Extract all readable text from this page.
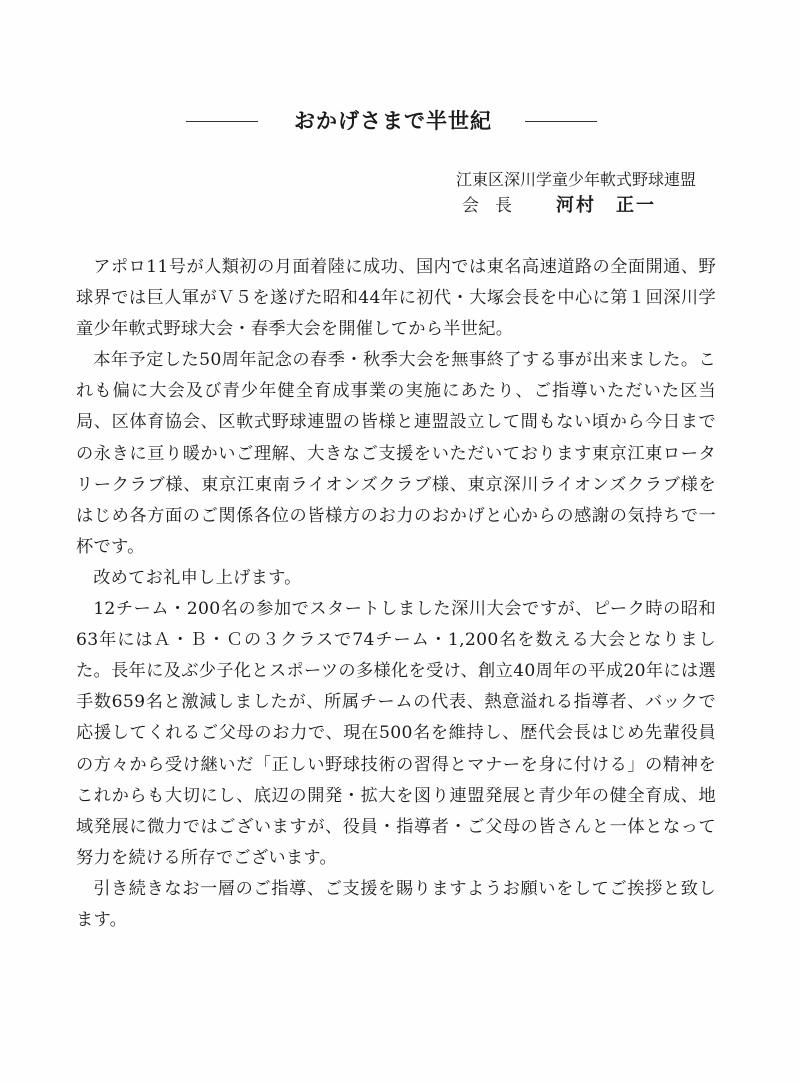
おかげさまで半世紀
江東区深川学童少年軟式野球連盟
会長 河村　正一

アポロ11号が人類初の月面着陸に成功、国内では東名高速道路の全面開通、野球界では巨人軍がＶ５を遂げた昭和44年に初代・大塚会長を中心に第１回深川学童少年軟式野球大会・春季大会を開催してから半世紀。

本年予定した50周年記念の春季・秋季大会を無事終了する事が出来ました。これも偏に大会及び青少年健全育成事業の実施にあたり、ご指導いただいた区当局、区体育協会、区軟式野球連盟の皆様と連盟設立して間もない頃から今日までの永きに亘り暖かいご理解、大きなご支援をいただいております東京江東ロータリークラブ様、東京江東南ライオンズクラブ様、東京深川ライオンズクラブ様をはじめ各方面のご関係各位の皆様方のお力のおかげと心からの感謝の気持ちで一杯です。

改めてお礼申し上げます。

12チーム・200名の参加でスタートしました深川大会ですが、ピーク時の昭和63年にはＡ・Ｂ・Ｃの３クラスで74チーム・1,200名を数える大会となりました。長年に及ぶ少子化とスポーツの多様化を受け、創立40周年の平成20年には選手数659名と激減しましたが、所属チームの代表、熱意溢れる指導者、バックで応援してくれるご父母のお力で、現在500名を維持し、歴代会長はじめ先輩役員の方々から受け継いだ「正しい野球技術の習得とマナーを身に付ける」の精神をこれからも大切にし、底辺の開発・拡大を図り連盟発展と青少年の健全育成、地域発展に微力ではございますが、役員・指導者・ご父母の皆さんと一体となって努力を続ける所存でございます。

引き続きなお一層のご指導、ご支援を賜りますようお願いをしてご挨拶と致します。
